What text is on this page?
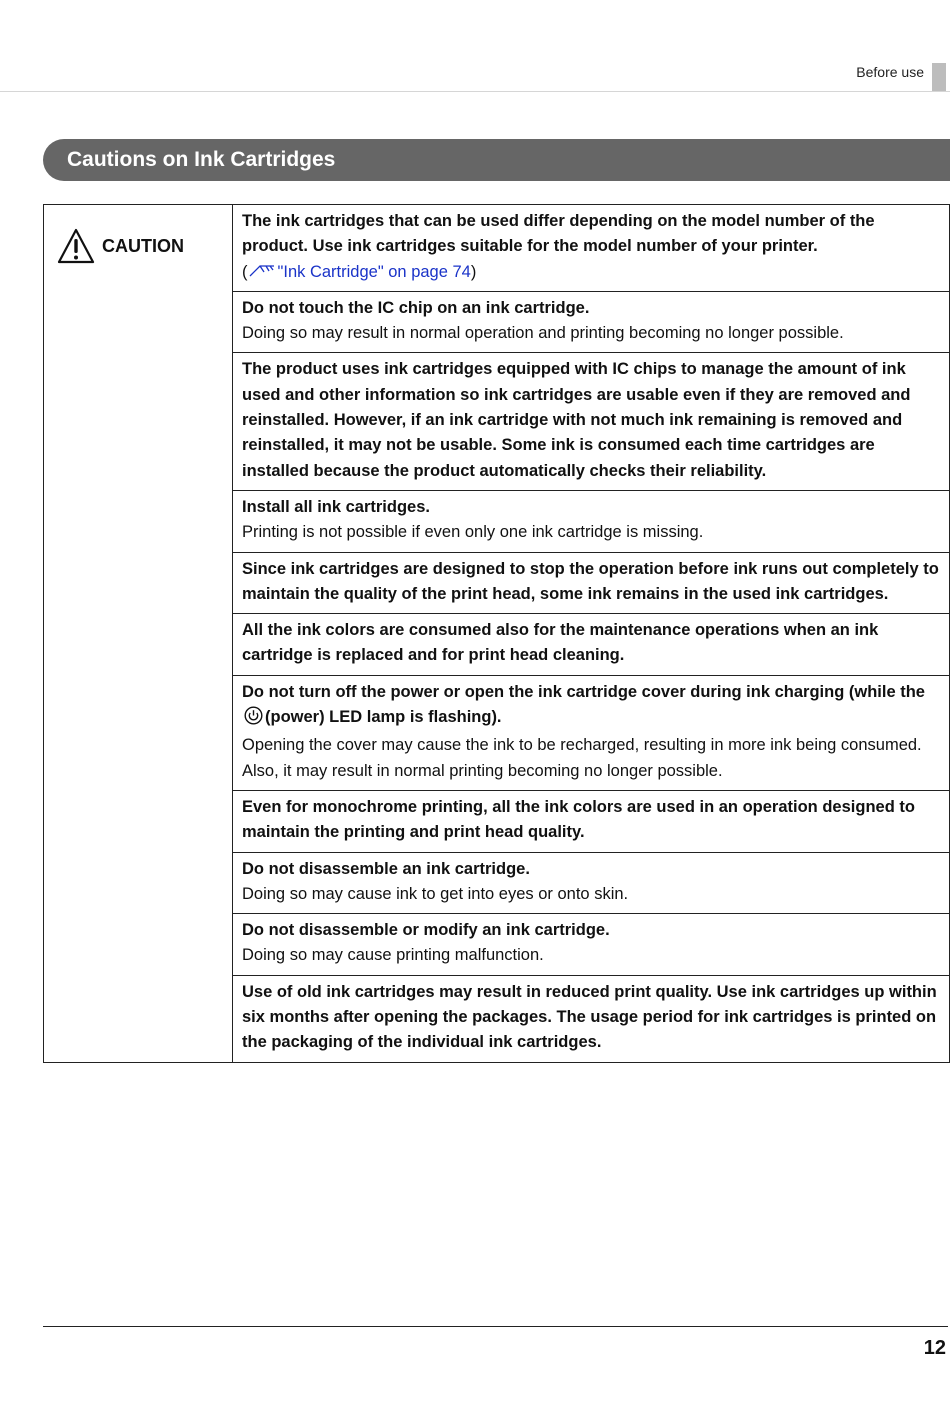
Before use
Cautions on Ink Cartridges
CAUTION
The ink cartridges that can be used differ depending on the model number of the product. Use ink cartridges suitable for the model number of your printer.
( "Ink Cartridge" on page 74)
Do not touch the IC chip on an ink cartridge.
Doing so may result in normal operation and printing becoming no longer possible.
The product uses ink cartridges equipped with IC chips to manage the amount of ink used and other information so ink cartridges are usable even if they are removed and reinstalled. However, if an ink cartridge with not much ink remaining is removed and reinstalled, it may not be usable. Some ink is consumed each time cartridges are installed because the product automatically checks their reliability.
Install all ink cartridges.
Printing is not possible if even only one ink cartridge is missing.
Since ink cartridges are designed to stop the operation before ink runs out completely to maintain the quality of the print head, some ink remains in the used ink cartridges.
All the ink colors are consumed also for the maintenance operations when an ink cartridge is replaced and for print head cleaning.
Do not turn off the power or open the ink cartridge cover during ink charging (while the (power) LED lamp is flashing).
Opening the cover may cause the ink to be recharged, resulting in more ink being consumed. Also, it may result in normal printing becoming no longer possible.
Even for monochrome printing, all the ink colors are used in an operation designed to maintain the printing and print head quality.
Do not disassemble an ink cartridge.
Doing so may cause ink to get into eyes or onto skin.
Do not disassemble or modify an ink cartridge.
Doing so may cause printing malfunction.
Use of old ink cartridges may result in reduced print quality. Use ink cartridges up within six months after opening the packages. The usage period for ink cartridges is printed on the packaging of the individual ink cartridges.
12
